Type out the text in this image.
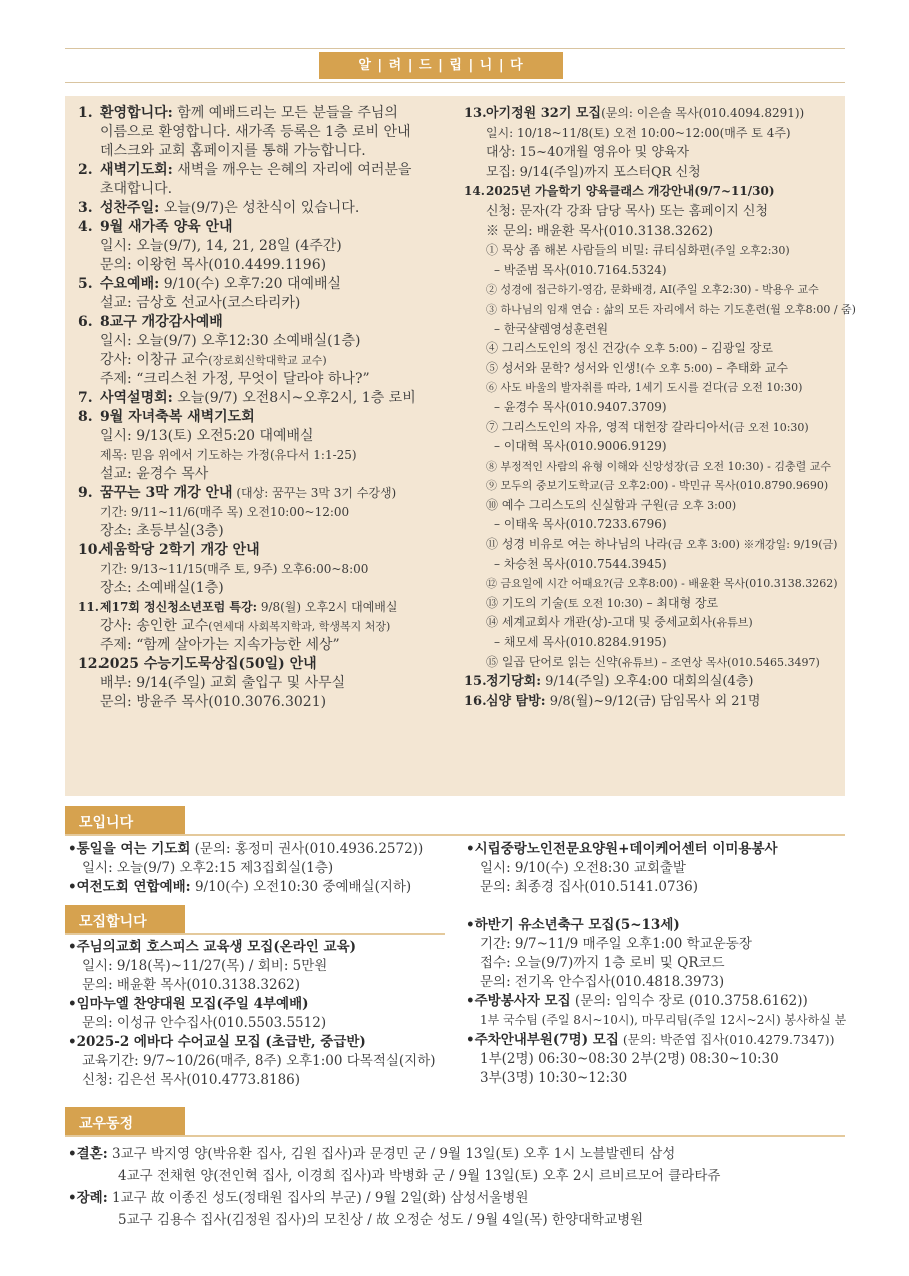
알 | 려 | 드 | 립 | 니 | 다

1. 환영합니다: 함께 예배드리는 모든 분들을 주님의

이름으로 환영합니다. 새가족 등록은 1층 로비 안내

데스크와 교회 홈페이지를 통해 가능합니다.

2. 새벽기도회: 새벽을 깨우는 은혜의 자리에 여러분을

초대합니다.

3. 성찬주일: 오늘(9/7)은 성찬식이 있습니다.

4. 9월 새가족 양육 안내

일시: 오늘(9/7), 14, 21, 28일 (4주간)

문의: 이왕헌 목사(010.4499.1196)

5. 수요예배: 9/10(수) 오후7:20 대예배실

설교: 금상호 선교사(코스타리카)

6. 8교구 개강감사예배

일시: 오늘(9/7) 오후12:30 소예배실(1층)

강사: 이창규 교수(장로회신학대학교 교수)

주제: “크리스천 가정, 무엇이 달라야 하나?”

7. 사역설명회: 오늘(9/7) 오전8시~오후2시, 1층 로비

8. 9월 자녀축복 새벽기도회

일시: 9/13(토) 오전5:20 대예배실

제목: 믿음 위에서 기도하는 가정(유다서 1:1-25)

설교: 윤경수 목사

9. 꿈꾸는 3막 개강 안내 (대상: 꿈꾸는 3막 3기 수강생)

기간: 9/11~11/6(매주 목) 오전10:00~12:00

장소: 초등부실(3층)

10.세움학당 2학기 개강 안내

기간: 9/13~11/15(매주 토, 9주) 오후6:00~8:00

장소: 소예배실(1층)

11.제17회 정신청소년포럼 특강: 9/8(월) 오후2시 대예배실

강사: 송인한 교수(연세대 사회복지학과, 학생복지 처장)

주제: “함께 살아가는 지속가능한 세상”

12.2025 수능기도묵상집(50일) 안내

배부: 9/14(주일) 교회 출입구 및 사무실

문의: 방윤주 목사(010.3076.3021)

13.아기정원 32기 모집(문의: 이은솔 목사(010.4094.8291))

일시: 10/18~11/8(토) 오전 10:00~12:00(매주 토 4주)

대상: 15~40개월 영유아 및 양육자

모집: 9/14(주일)까지 포스터QR 신청

14.2025년 가을학기 양육클래스 개강안내(9/7~11/30)

신청: 문자(각 강좌 담당 목사) 또는 홈페이지 신청

※ 문의: 배윤환 목사(010.3138.3262)

① 묵상 좀 해본 사람들의 비밀: 큐티심화편(주일 오후2:30)

– 박준범 목사(010.7164.5324)

② 성경에 접근하기-영감, 문화배경, AI(주일 오후2:30) - 박용우 교수

③ 하나님의 임재 연습 : 삶의 모든 자리에서 하는 기도훈련(월 오후8:00 / 줌)

– 한국샬렘영성훈련원

④ 그리스도인의 정신 건강(수 오후 5:00) – 김광일 장로

⑤ 성서와 문학? 성서와 인생!(수 오후 5:00) – 추태화 교수

⑥ 사도 바울의 발자취를 따라, 1세기 도시를 걷다(금 오전 10:30)

– 윤경수 목사(010.9407.3709)

⑦ 그리스도인의 자유, 영적 대헌장 갈라디아서(금 오전 10:30)

– 이대혁 목사(010.9006.9129)

⑧ 부정적인 사람의 유형 이해와 신앙성장(금 오전 10:30) - 김충렬 교수

⑨ 모두의 중보기도학교(금 오후2:00) - 박민규 목사(010.8790.9690)

⑩ 예수 그리스도의 신실함과 구원(금 오후 3:00)

– 이태욱 목사(010.7233.6796)

⑪ 성경 비유로 여는 하나님의 나라(금 오후 3:00) ※개강일: 9/19(금)

– 차승천 목사(010.7544.3945)

⑫ 금요일에 시간 어때요?(금 오후8:00) - 배윤환 목사(010.3138.3262)

⑬ 기도의 기술(토 오전 10:30) – 최대형 장로

⑭ 세계교회사 개관(상)-고대 및 중세교회사(유튜브)

– 채모세 목사(010.8284.9195)

⑮ 일곱 단어로 읽는 신약(유튜브) – 조연상 목사(010.5465.3497)

15.정기당회: 9/14(주일) 오후4:00 대회의실(4층)

16.심양 탐방: 9/8(월)~9/12(금) 담임목사 외 21명

모입니다

•통일을 여는 기도회 (문의: 홍정미 권사(010.4936.2572))

일시: 오늘(9/7) 오후2:15 제3집회실(1층)

•여전도회 연합예배: 9/10(수) 오전10:30 중예배실(지하)

•시립중랑노인전문요양원+데이케어센터 이미용봉사

일시: 9/10(수) 오전8:30 교회출발

문의: 최종경 집사(010.5141.0736)

모집합니다

•주님의교회 호스피스 교육생 모집(온라인 교육)

일시: 9/18(목)~11/27(목) / 회비: 5만원

문의: 배윤환 목사(010.3138.3262)

•임마누엘 찬양대원 모집(주일 4부예배)

문의: 이성규 안수집사(010.5503.5512)

•2025-2 에바다 수어교실 모집 (초급반, 중급반)

교육기간: 9/7~10/26(매주, 8주) 오후1:00 다목적실(지하)

신청: 김은선 목사(010.4773.8186)

•하반기 유소년축구 모집(5~13세)

기간: 9/7~11/9 매주일 오후1:00 학교운동장

접수: 오늘(9/7)까지 1층 로비 및 QR코드

문의: 전기옥 안수집사(010.4818.3973)

•주방봉사자 모집 (문의: 임익수 장로 (010.3758.6162))

1부 국수팀 (주일 8시~10시), 마무리팀(주일 12시~2시) 봉사하실 분

•주차안내부원(7명) 모집 (문의: 박준엽 집사(010.4279.7347))

1부(2명) 06:30~08:30 2부(2명) 08:30~10:30

3부(3명) 10:30~12:30

교우동정

•결혼: 3교구 박지영 양(박유환 집사, 김원 집사)과 문경민 군 / 9월 13일(토) 오후 1시 노블발렌티 삼성

4교구 전채현 양(전인혁 집사, 이경희 집사)과 박병화 군 / 9월 13일(토) 오후 2시 르비르모어 클라타쥬

•장례: 1교구 故 이종진 성도(정태원 집사의 부군) / 9월 2일(화) 삼성서울병원

5교구 김용수 집사(김정원 집사)의 모친상 / 故 오정순 성도 / 9월 4일(목) 한양대학교병원
